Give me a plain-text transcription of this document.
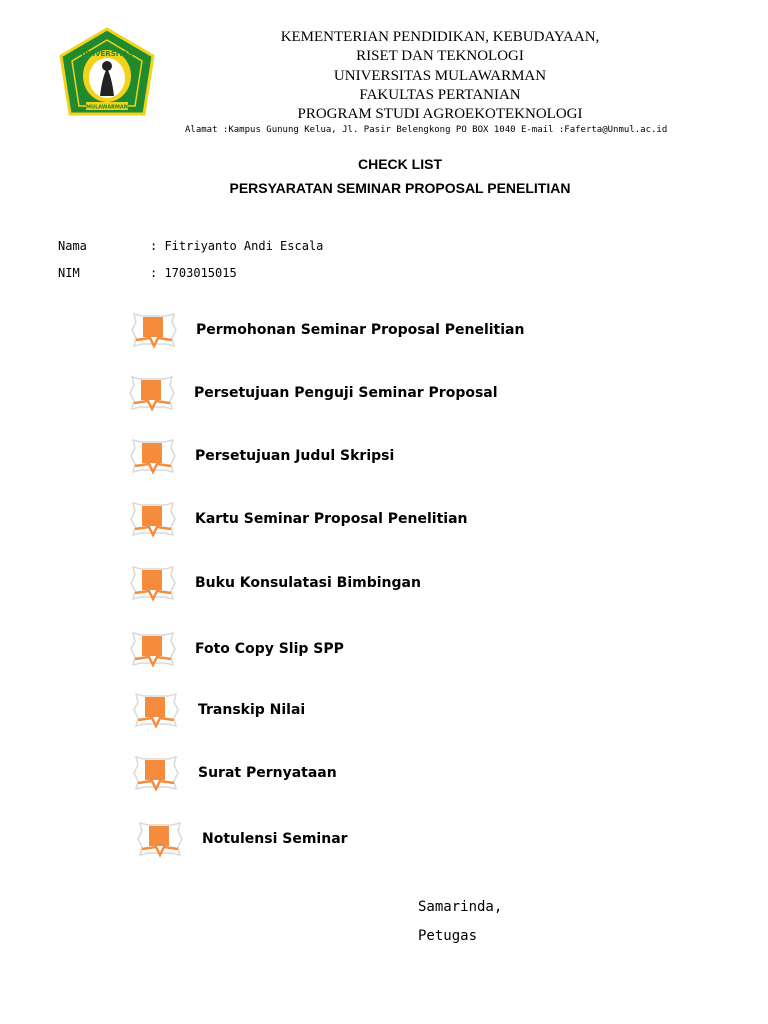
UNIVERSITAS
MULAWARMAN
KEMENTERIAN PENDIDIKAN, KEBUDAYAAN,
RISET DAN TEKNOLOGI
UNIVERSITAS MULAWARMAN
FAKULTAS PERTANIAN
PROGRAM STUDI AGROEKOTEKNOLOGI
Alamat :Kampus Gunung Kelua, Jl. Pasir Belengkong PO BOX 1040 E-mail :Faferta@Unmul.ac.id
CHECK LIST
PERSYARATAN SEMINAR PROPOSAL PENELITIAN
Nama	: Fitriyanto Andi Escala
NIM	: 1703015015
Permohonan Seminar Proposal Penelitian
Persetujuan Penguji Seminar Proposal
Persetujuan Judul Skripsi
Kartu Seminar Proposal Penelitian
Buku Konsulatasi Bimbingan
Foto Copy Slip SPP
Transkip Nilai
Surat Pernyataan
Notulensi Seminar
Samarinda,
Petugas
